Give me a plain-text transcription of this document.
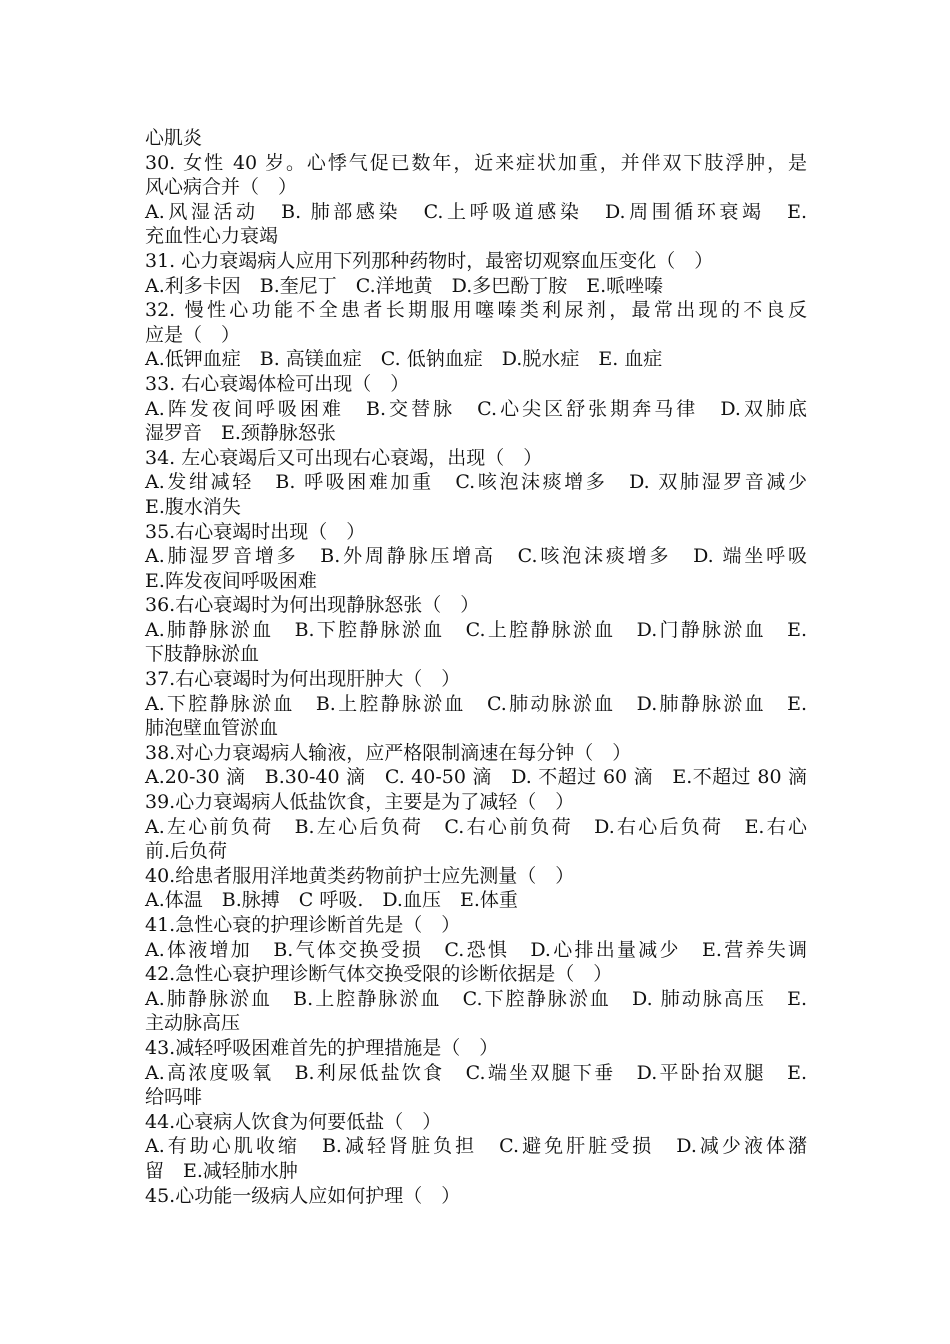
心肌炎
30. 女性 40 岁。心悸气促已数年，近来症状加重，并伴双下肢浮肿，是
风心病合并（　）
A.风湿活动　B. 肺部感染　C.上呼吸道感染　D.周围循环衰竭　E.
充血性心力衰竭
31. 心力衰竭病人应用下列那种药物时，最密切观察血压变化（　）
A.利多卡因　B.奎尼丁　C.洋地黄　D.多巴酚丁胺　E.哌唑嗪
32. 慢性心功能不全患者长期服用噻嗪类利尿剂，最常出现的不良反
应是（　）
A.低钾血症　B. 高镁血症　C. 低钠血症　D.脱水症　E. 血症
33. 右心衰竭体检可出现（　）
A.阵发夜间呼吸困难　B.交替脉　C.心尖区舒张期奔马律　D.双肺底
湿罗音　E.颈静脉怒张
34. 左心衰竭后又可出现右心衰竭，出现（　）
A.发绀减轻　B. 呼吸困难加重　C.咳泡沫痰增多　D. 双肺湿罗音减少
E.腹水消失
35.右心衰竭时出现（　）
A.肺湿罗音增多　B.外周静脉压增高　C.咳泡沫痰增多　D. 端坐呼吸
E.阵发夜间呼吸困难
36.右心衰竭时为何出现静脉怒张（　）
A.肺静脉淤血　B.下腔静脉淤血　C.上腔静脉淤血　D.门静脉淤血　E.
下肢静脉淤血
37.右心衰竭时为何出现肝肿大（　）
A.下腔静脉淤血　B.上腔静脉淤血　C.肺动脉淤血　D.肺静脉淤血　E.
肺泡壁血管淤血
38.对心力衰竭病人输液，应严格限制滴速在每分钟（　）
A.20-30 滴　B.30-40 滴　C. 40-50 滴　D. 不超过 60 滴　E.不超过 80 滴
39.心力衰竭病人低盐饮食，主要是为了减轻（　）
A.左心前负荷　B.左心后负荷　C.右心前负荷　D.右心后负荷　E.右心
前.后负荷
40.给患者服用洋地黄类药物前护士应先测量（　）
A.体温　B.脉搏　C 呼吸.　D.血压　E.体重
41.急性心衰的护理诊断首先是（　）
A.体液增加　B.气体交换受损　C.恐惧　D.心排出量减少　E.营养失调
42.急性心衰护理诊断气体交换受限的诊断依据是（　）
A.肺静脉淤血　B.上腔静脉淤血　C.下腔静脉淤血　D. 肺动脉高压　E.
主动脉高压
43.减轻呼吸困难首先的护理措施是（　）
A.高浓度吸氧　B.利尿低盐饮食　C.端坐双腿下垂　D.平卧抬双腿　E.
给吗啡
44.心衰病人饮食为何要低盐（　）
A.有助心肌收缩　B.减轻肾脏负担　C.避免肝脏受损　D.减少液体潴
留　E.减轻肺水肿
45.心功能一级病人应如何护理（　）
